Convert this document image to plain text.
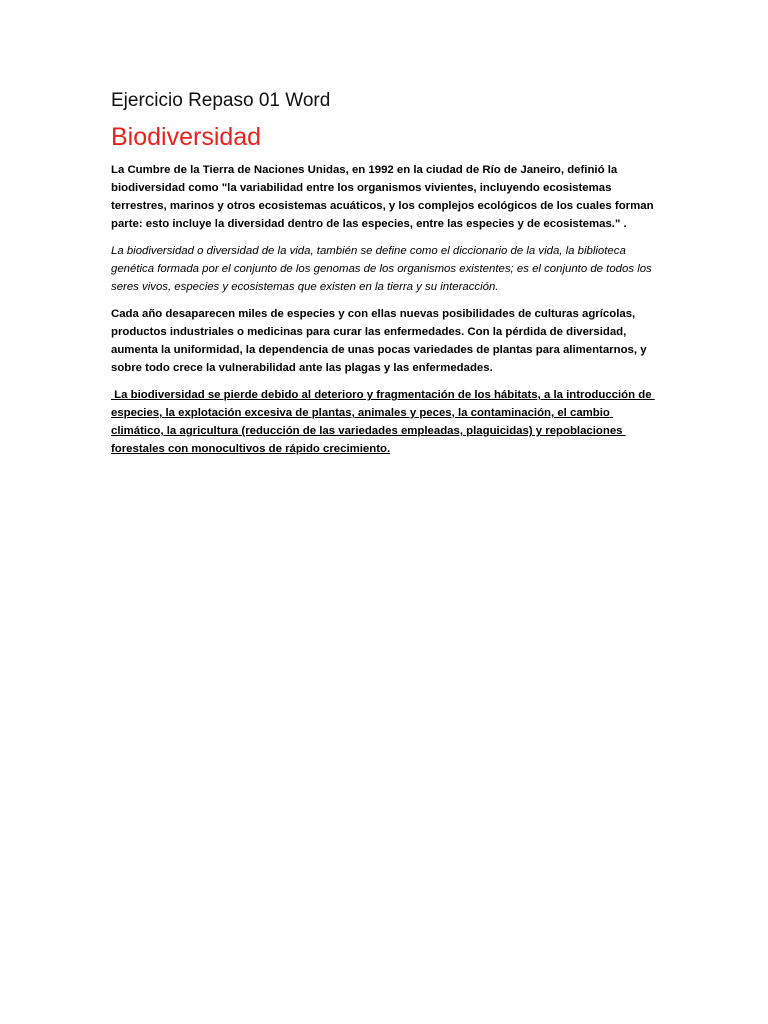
Ejercicio Repaso 01 Word
Biodiversidad

La Cumbre de la Tierra de Naciones Unidas, en 1992 en la ciudad de Río de Janeiro, definió la biodiversidad como "la variabilidad entre los organismos vivientes, incluyendo ecosistemas terrestres, marinos y otros ecosistemas acuáticos, y los complejos ecológicos de los cuales forman parte: esto incluye la diversidad dentro de las especies, entre las especies y de ecosistemas." .

La biodiversidad o diversidad de la vida, también se define como el diccionario de la vida, la biblioteca genética formada por el conjunto de los genomas de los organismos existentes; es el conjunto de todos los seres vivos, especies y ecosistemas que existen en la tierra y su interacción.

Cada año desaparecen miles de especies y con ellas nuevas posibilidades de culturas agrícolas, productos industriales o medicinas para curar las enfermedades. Con la pérdida de diversidad, aumenta la uniformidad, la dependencia de unas pocas variedades de plantas para alimentarnos, y sobre todo crece la vulnerabilidad ante las plagas y las enfermedades.

La biodiversidad se pierde debido al deterioro y fragmentación de los hábitats, a la introducción de especies, la explotación excesiva de plantas, animales y peces, la contaminación, el cambio climático, la agricultura (reducción de las variedades empleadas, plaguicidas) y repoblaciones forestales con monocultivos de rápido crecimiento.
